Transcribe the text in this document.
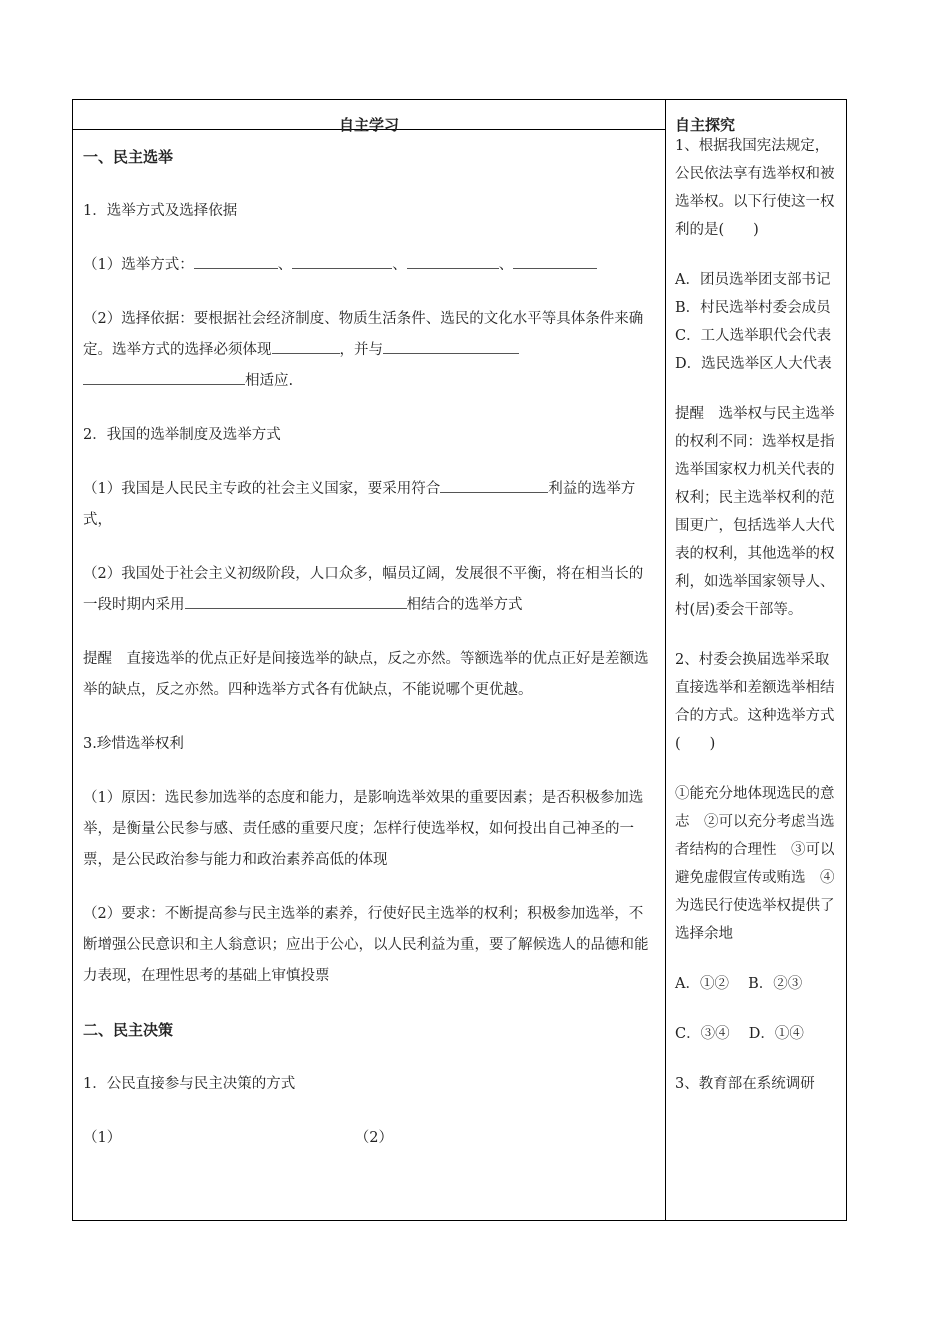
自主学习	自主探究

一、民主选举

1．选举方式及选择依据

（1）选举方式：	、	、	、

（2）选择依据：要根据社会经济制度、物质生活条件、选民的文化水平等具体条件来确定。选举方式的选择必须体现	，并与
相适应.

2．我国的选举制度及选举方式

（1）我国是人民民主专政的社会主义国家，要采用符合	利益的选举方式，

（2）我国处于社会主义初级阶段，人口众多，幅员辽阔，发展很不平衡，将在相当长的一段时期内采用	相结合的选举方式

提醒　直接选举的优点正好是间接选举的缺点，反之亦然。等额选举的优点正好是差额选举的缺点，反之亦然。四种选举方式各有优缺点，不能说哪个更优越。

3.珍惜选举权利

（1）原因：选民参加选举的态度和能力，是影响选举效果的重要因素；是否积极参加选举，是衡量公民参与感、责任感的重要尺度；怎样行使选举权，如何投出自己神圣的一票，是公民政治参与能力和政治素养高低的体现

（2）要求：不断提高参与民主选举的素养，行使好民主选举的权利；积极参加选举，不断增强公民意识和主人翁意识；应出于公心，以人民利益为重，要了解候选人的品德和能力表现，在理性思考的基础上审慎投票

二、民主决策

1．公民直接参与民主决策的方式

（1）	（2）

1、根据我国宪法规定，公民依法享有选举权和被选举权。以下行使这一权利的是(　　)

A．团员选举团支部书记　B．村民选举村委会成员 C．工人选举职代会代表　D．选民选举区人大代表

提醒　选举权与民主选举的权利不同：选举权是指选举国家权力机关代表的权利；民主选举权利的范围更广，包括选举人大代表的权利，其他选举的权利，如选举国家领导人、村(居)委会干部等。

2、村委会换届选举采取直接选举和差额选举相结合的方式。这种选举方式(　　)

①能充分地体现选民的意志　②可以充分考虑当选者结构的合理性　③可以避免虚假宣传或贿选　④为选民行使选举权提供了选择余地

A．①②　 B．②③

C．③④　 D．①④

3、教育部在系统调研
